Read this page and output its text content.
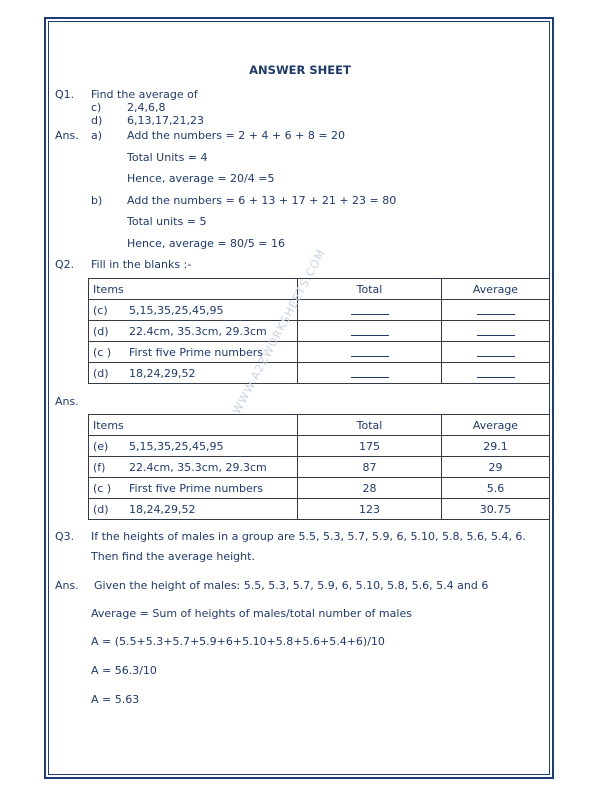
ANSWER SHEET
Q1. Find the average of
c) 2,4,6,8
d) 6,13,17,21,23
Ans. a) Add the numbers = 2 + 4 + 6 + 8 = 20
Total Units = 4
Hence, average = 20/4 =5
b) Add the numbers = 6 + 13 + 17 + 21 + 23 = 80
Total units = 5
Hence, average = 80/5 = 16
Q2. Fill in the blanks :-
Items	Total	Average
(c) 5,15,35,25,45,95		
(d) 22.4cm, 35.3cm, 29.3cm		
(c ) First five Prime numbers		
(d) 18,24,29,52		
Ans.
Items	Total	Average
(e) 5,15,35,25,45,95	175	29.1
(f) 22.4cm, 35.3cm, 29.3cm	87	29
(c ) First five Prime numbers	28	5.6
(d) 18,24,29,52	123	30.75
WWW.A2ZWORKSHEETS.COM
Q3. If the heights of males in a group are 5.5, 5.3, 5.7, 5.9, 6, 5.10, 5.8, 5.6, 5.4, 6.
Then find the average height.
Ans. Given the height of males: 5.5, 5.3, 5.7, 5.9, 6, 5.10, 5.8, 5.6, 5.4 and 6
Average = Sum of heights of males/total number of males
A = (5.5+5.3+5.7+5.9+6+5.10+5.8+5.6+5.4+6)/10
A = 56.3/10
A = 5.63
